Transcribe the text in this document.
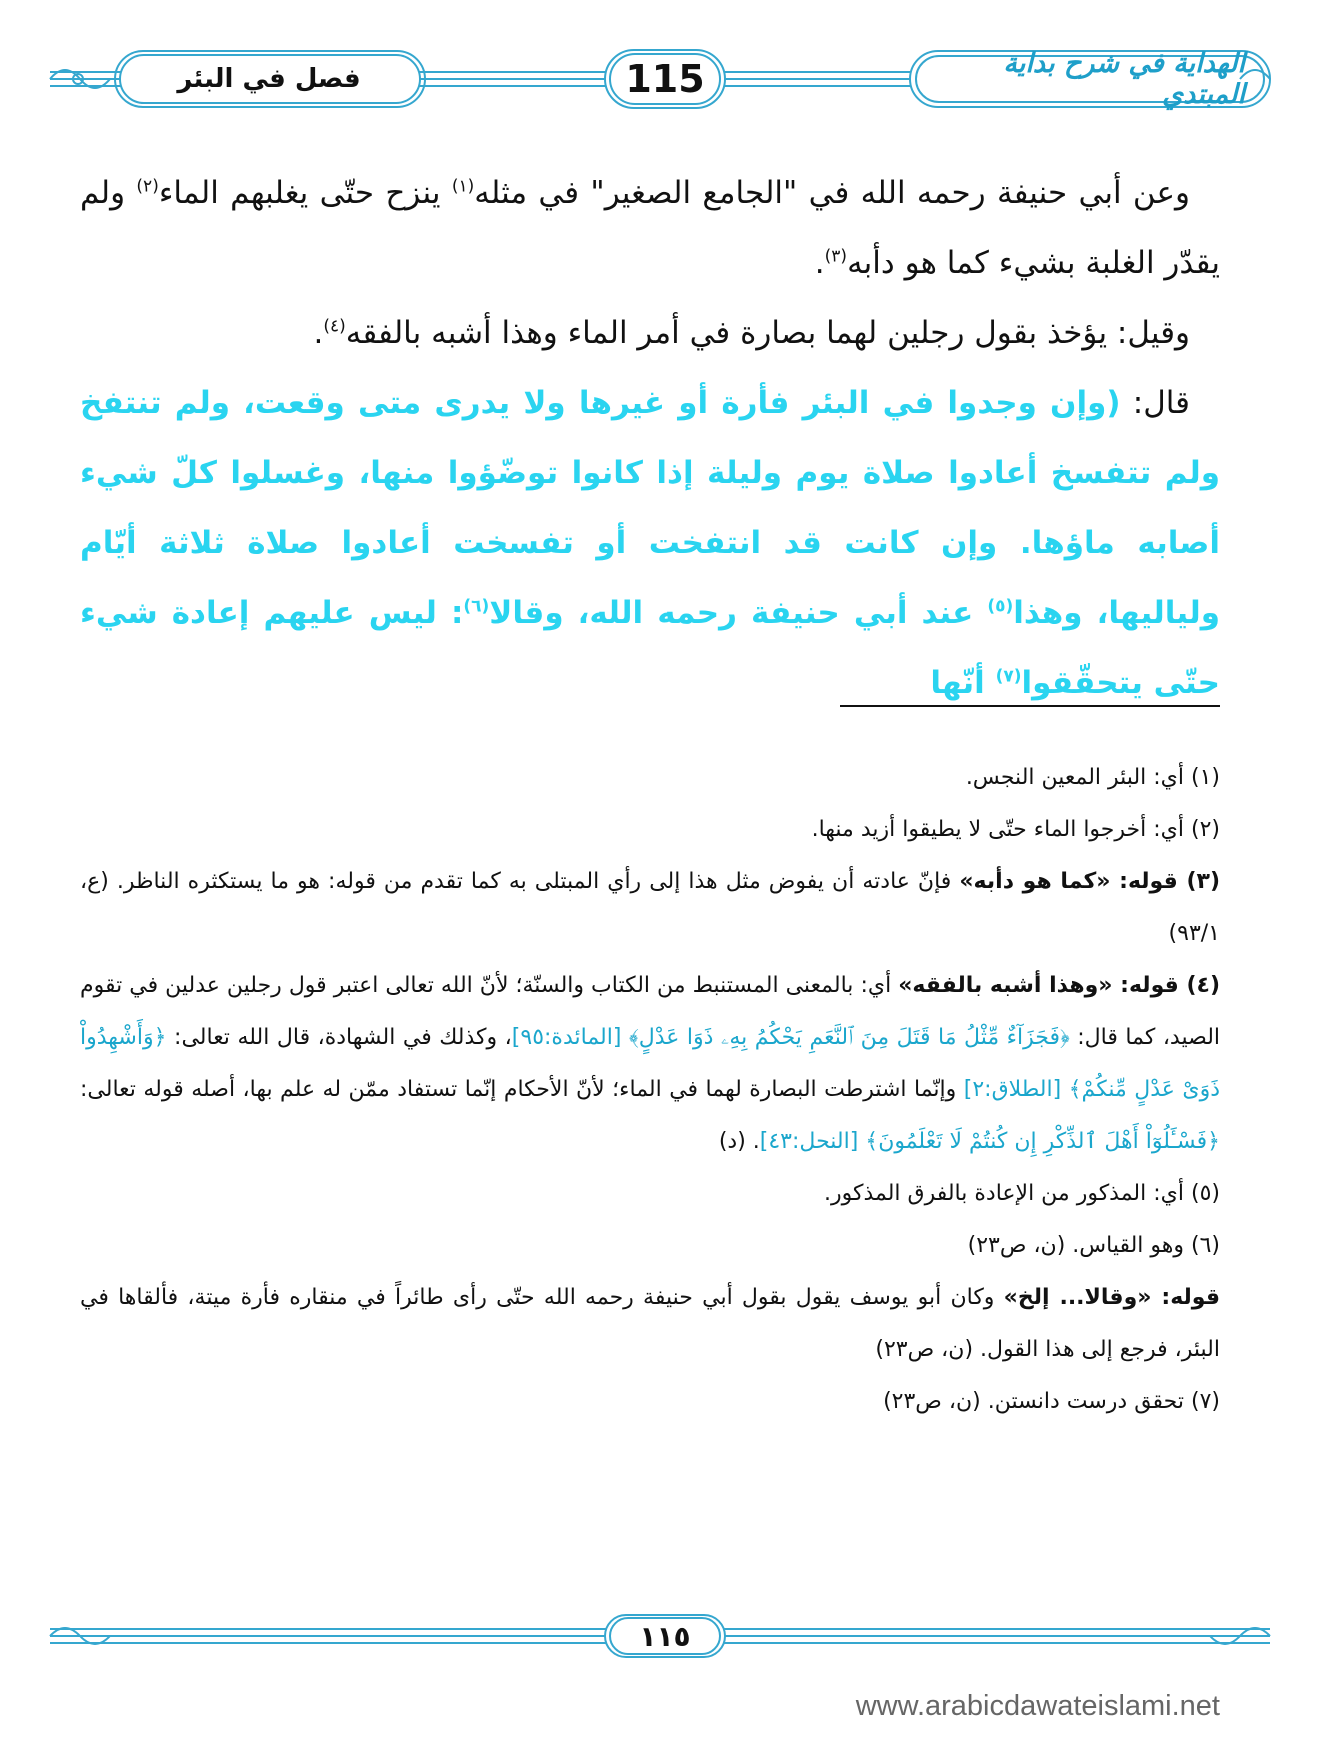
فصل في البئر	115	الهداية في شرح بداية المبتدي

وعن أبي حنيفة رحمه الله في "الجامع الصغير" في مثله$^{(١)}$ ينزح حتّى يغلبهم الماء$^{(٢)}$ ولم يقدّر الغلبة بشيء كما هو دأبه$^{(٣)}$.

وقيل: يؤخذ بقول رجلين لهما بصارة في أمر الماء وهذا أشبه بالفقه$^{(٤)}$.

قال: (وإن وجدوا في البئر فأرة أو غيرها ولا يدرى متى وقعت، ولم تنتفخ ولم تتفسخ أعادوا صلاة يوم وليلة إذا كانوا توضّؤوا منها، وغسلوا كلّ شيء أصابه ماؤها. وإن كانت قد انتفخت أو تفسخت أعادوا صلاة ثلاثة أيّام ولياليها، وهذا$^{(٥)}$ عند أبي حنيفة رحمه الله، وقالا$^{(٦)}$: ليس عليهم إعادة شيء حتّى يتحقّقوا$^{(٧)}$ أنّها

(١) أي: البئر المعين النجس.

(٢) أي: أخرجوا الماء حتّى لا يطيقوا أزيد منها.

(٣) قوله: «كما هو دأبه» فإنّ عادته أن يفوض مثل هذا إلى رأي المبتلى به كما تقدم من قوله: هو ما يستكثره الناظر. (ع، ٩٣/١)

(٤) قوله: «وهذا أشبه بالفقه» أي: بالمعنى المستنبط من الكتاب والسنّة؛ لأنّ الله تعالى اعتبر قول رجلين عدلين في تقوم الصيد، كما قال: ﴿فَجَزَآءٌ مِّثْلُ مَا قَتَلَ مِنَ ٱلنَّعَمِ يَحْكُمُ بِهِۦ ذَوَا عَدْلٍ﴾ [المائدة:٩٥]، وكذلك في الشهادة، قال الله تعالى: ﴿وَأَشْهِدُواْ ذَوَىْ عَدْلٍ مِّنكُمْ﴾ [الطلاق:٢] وإنّما اشترطت البصارة لهما في الماء؛ لأنّ الأحكام إنّما تستفاد ممّن له علم بها، أصله قوله تعالى: ﴿فَسْـَٔلُوٓاْ أَهْلَ ٱلذِّكْرِ إِن كُنتُمْ لَا تَعْلَمُونَ﴾ [النحل:٤٣]. (د)

(٥) أي: المذكور من الإعادة بالفرق المذكور.

(٦) وهو القياس. (ن، ص٢٣)

قوله: «وقالا... إلخ» وكان أبو يوسف يقول بقول أبي حنيفة رحمه الله حتّى رأى طائراً في منقاره فأرة ميتة، فألقاها في البئر، فرجع إلى هذا القول. (ن، ص٢٣)

(٧) تحقق درست دانستن. (ن، ص٢٣)

١١٥
www.arabicdawateislami.net
